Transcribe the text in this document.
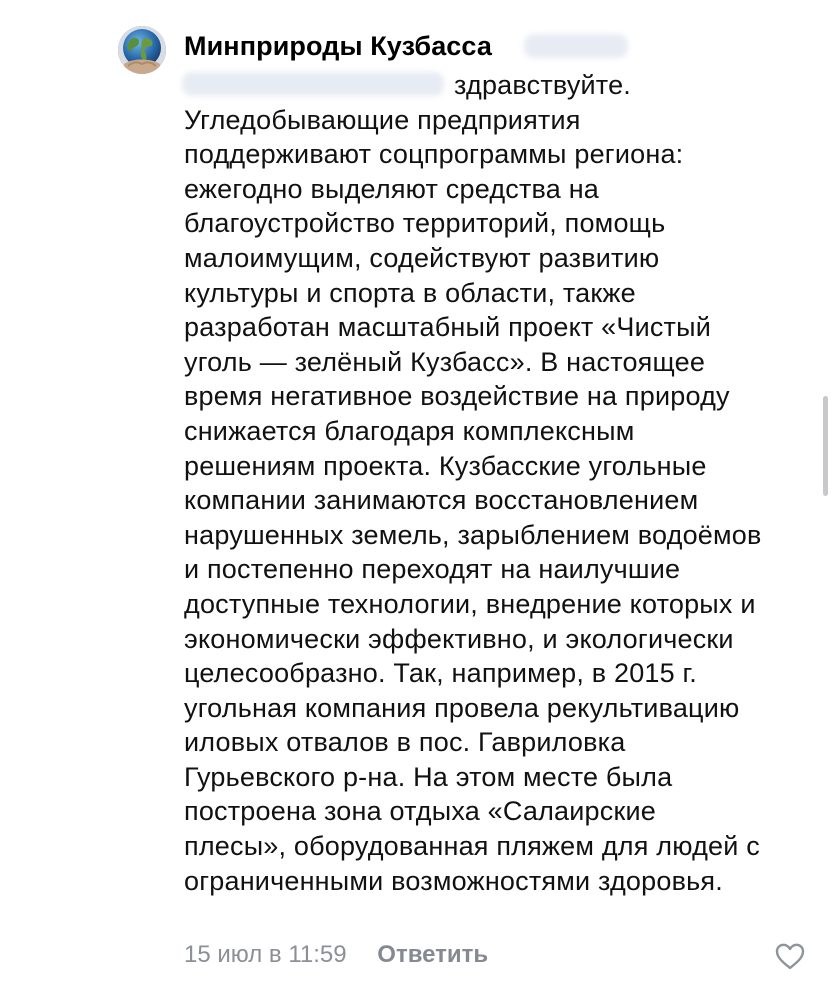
Минприроды Кузбасса
здравствуйте.
Угледобывающие предприятия
поддерживают соцпрограммы региона:
ежегодно выделяют средства на
благоустройство территорий, помощь
малоимущим, содействуют развитию
культуры и спорта в области, также
разработан масштабный проект «Чистый
уголь — зелёный Кузбасс». В настоящее
время негативное воздействие на природу
снижается благодаря комплексным
решениям проекта. Кузбасские угольные
компании занимаются восстановлением
нарушенных земель, зарыблением водоёмов
и постепенно переходят на наилучшие
доступные технологии, внедрение которых и
экономически эффективно, и экологически
целесообразно. Так, например, в 2015 г.
угольная компания провела рекультивацию
иловых отвалов в пос. Гавриловка
Гурьевского р-на. На этом месте была
построена зона отдыха «Салаирские
плесы», оборудованная пляжем для людей с
ограниченными возможностями здоровья.
15 июл в 11:59 Ответить
